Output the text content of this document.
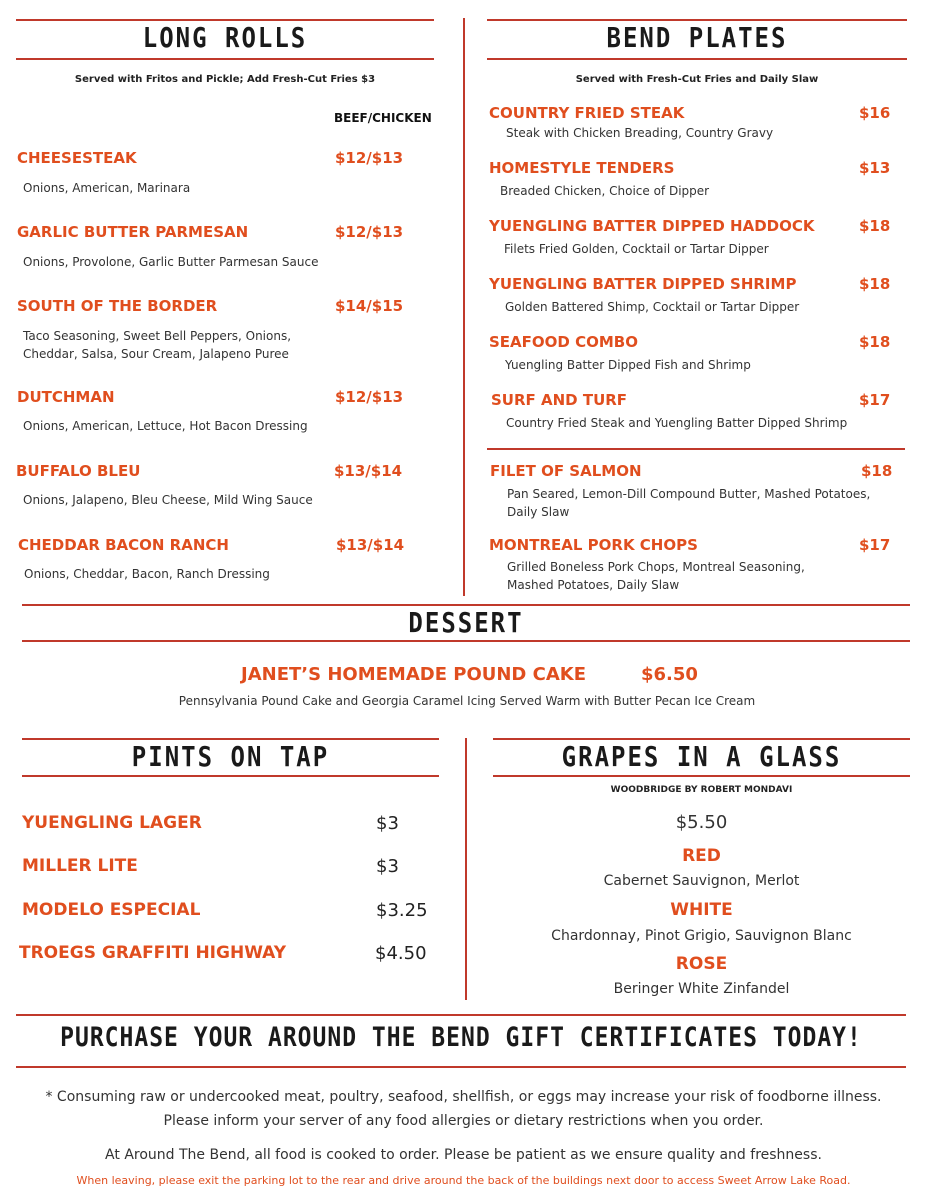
LONG ROLLS
Served with Fritos and Pickle; Add Fresh-Cut Fries $3
BEEF/CHICKEN
CHEESESTEAK	$12/$13
Onions, American, Marinara
GARLIC BUTTER PARMESAN	$12/$13
Onions, Provolone, Garlic Butter Parmesan Sauce
SOUTH OF THE BORDER	$14/$15
Taco Seasoning, Sweet Bell Peppers, Onions, Cheddar, Salsa, Sour Cream, Jalapeno Puree
DUTCHMAN	$12/$13
Onions, American, Lettuce, Hot Bacon Dressing
BUFFALO BLEU	$13/$14
Onions, Jalapeno, Bleu Cheese, Mild Wing Sauce
CHEDDAR BACON RANCH	$13/$14
Onions, Cheddar, Bacon, Ranch Dressing
BEND PLATES
Served with Fresh-Cut Fries and Daily Slaw
COUNTRY FRIED STEAK	$16
Steak with Chicken Breading, Country Gravy
HOMESTYLE TENDERS	$13
Breaded Chicken, Choice of Dipper
YUENGLING BATTER DIPPED HADDOCK	$18
Filets Fried Golden, Cocktail or Tartar Dipper
YUENGLING BATTER DIPPED SHRIMP	$18
Golden Battered Shimp, Cocktail or Tartar Dipper
SEAFOOD COMBO	$18
Yuengling Batter Dipped Fish and Shrimp
SURF AND TURF	$17
Country Fried Steak and Yuengling Batter Dipped Shrimp
FILET OF SALMON	$18
Pan Seared, Lemon-Dill Compound Butter, Mashed Potatoes, Daily Slaw
MONTREAL PORK CHOPS	$17
Grilled Boneless Pork Chops, Montreal Seasoning, Mashed Potatoes, Daily Slaw
DESSERT
JANET’S HOMEMADE POUND CAKE	$6.50
Pennsylvania Pound Cake and Georgia Caramel Icing Served Warm with Butter Pecan Ice Cream
PINTS ON TAP
YUENGLING LAGER	$3
MILLER LITE	$3
MODELO ESPECIAL	$3.25
TROEGS GRAFFITI HIGHWAY	$4.50
GRAPES IN A GLASS
WOODBRIDGE BY ROBERT MONDAVI
$5.50
RED
Cabernet Sauvignon, Merlot
WHITE
Chardonnay, Pinot Grigio, Sauvignon Blanc
ROSE
Beringer White Zinfandel
PURCHASE YOUR AROUND THE BEND GIFT CERTIFICATES TODAY!
* Consuming raw or undercooked meat, poultry, seafood, shellfish, or eggs may increase your risk of foodborne illness.
Please inform your server of any food allergies or dietary restrictions when you order.
At Around The Bend, all food is cooked to order. Please be patient as we ensure quality and freshness.
When leaving, please exit the parking lot to the rear and drive around the back of the buildings next door to access Sweet Arrow Lake Road.
